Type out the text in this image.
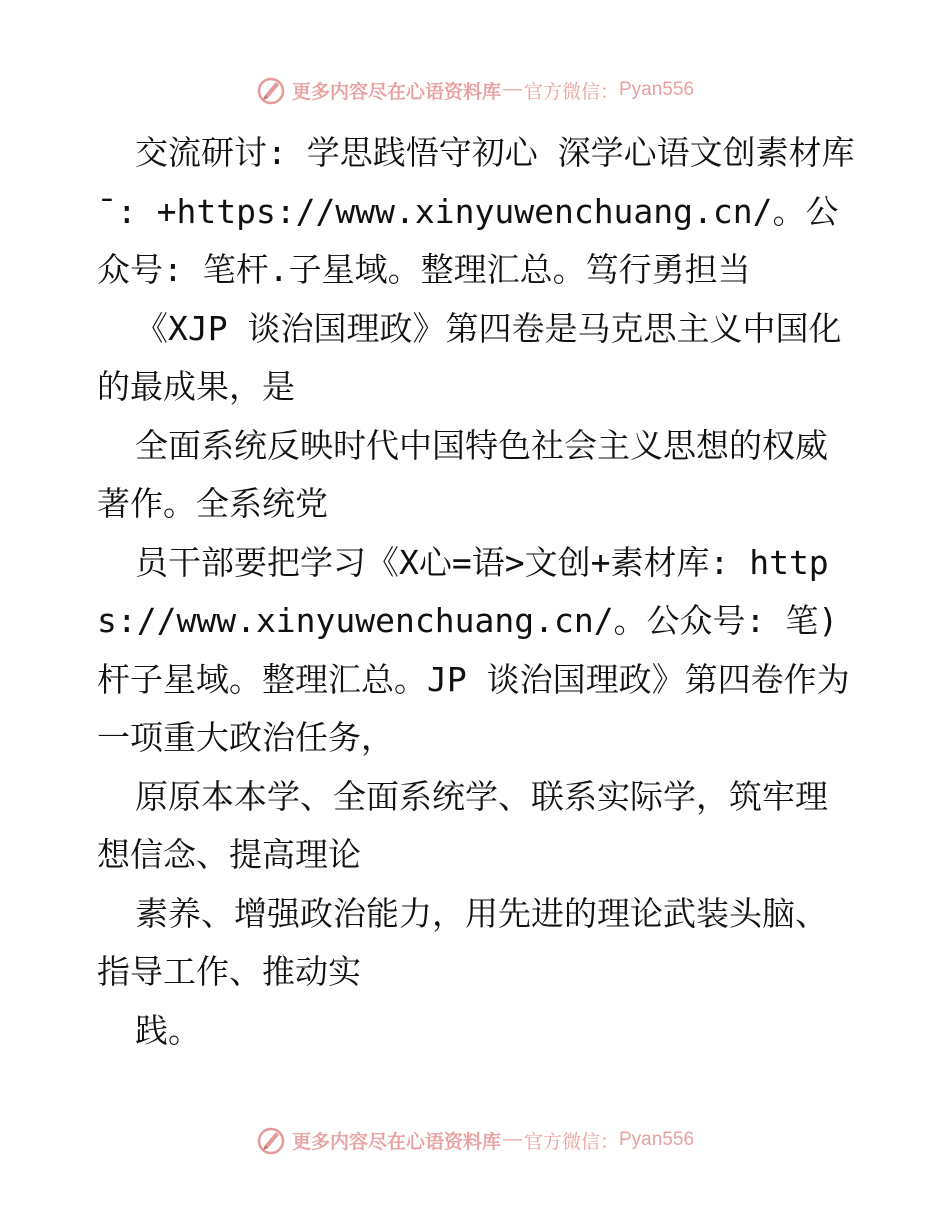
更多内容尽在心语资料库 — 官方微信： Pyan556

交流研讨: 学思践悟守初心 深学心语文创素材库¯: +https://www.xinyuwenchuang.cn/。公众号: 笔杆.子星域。整理汇总。笃行勇担当

《XJP 谈治国理政》第四卷是马克思主义中国化的最成果，是

全面系统反映时代中国特色社会主义思想的权威著作。全系统党

员干部要把学习《X心=语>文创+素材库: https://www.xinyuwenchuang.cn/。公众号: 笔)杆子星域。整理汇总。JP 谈治国理政》第四卷作为一项重大政治任务，

原原本本学、全面系统学、联系实际学，筑牢理想信念、提高理论

素养、增强政治能力，用先进的理论武装头脑、指导工作、推动实

践。

更多内容尽在心语资料库 — 官方微信： Pyan556
